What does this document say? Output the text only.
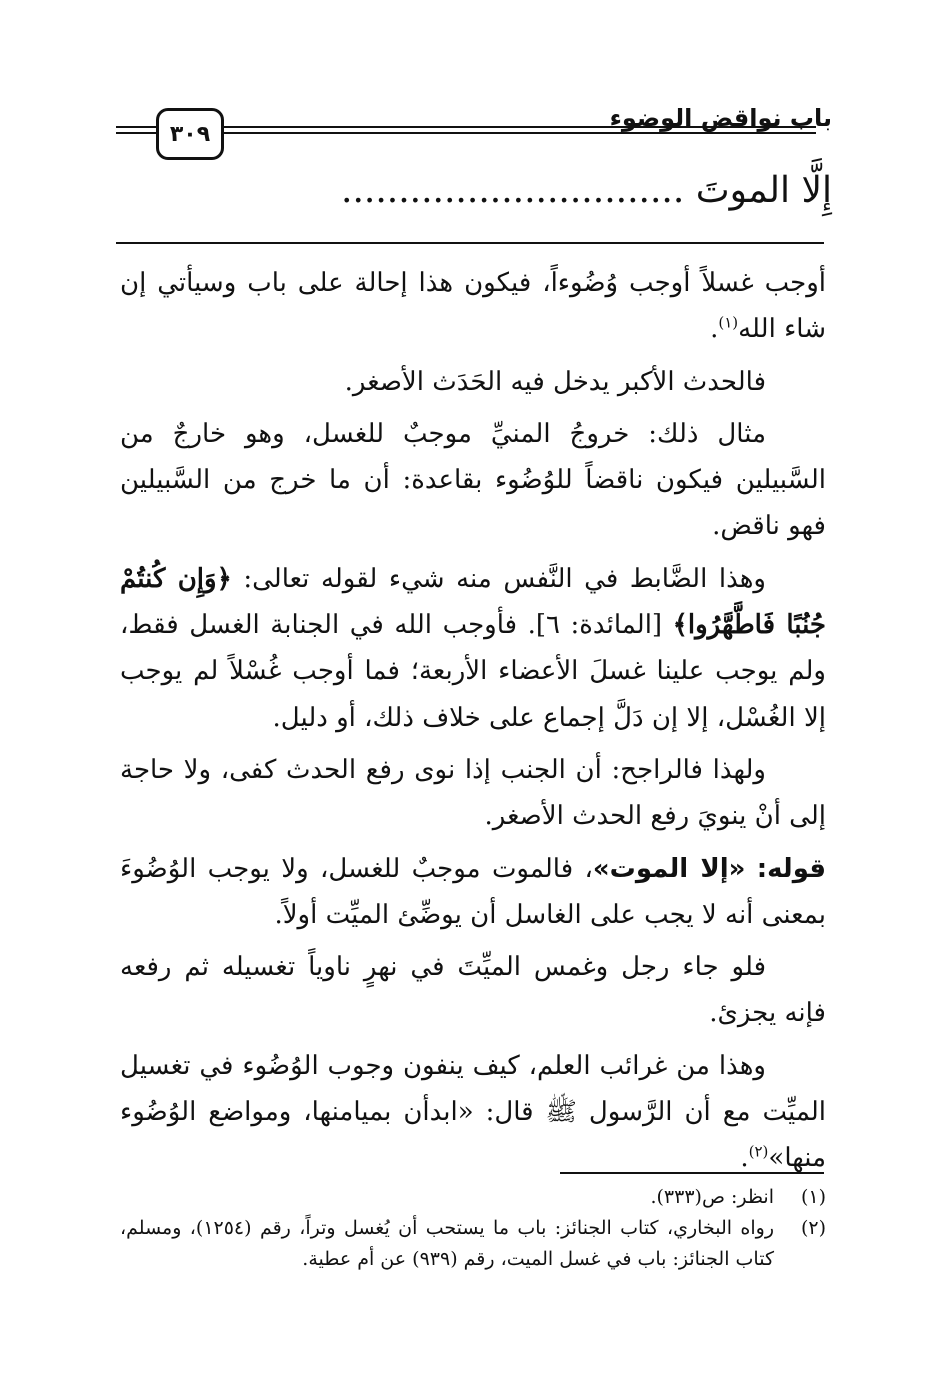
باب نواقض الوضوء
٣٠٩
إِلَّا الموتَ ..............................

أوجب غسلاً أوجب وُضُوءاً، فيكون هذا إحالة على باب وسيأتي إن شاء الله$^{(١)}$.

فالحدث الأكبر يدخل فيه الحَدَث الأصغر.

مثال ذلك: خروجُ المنيِّ موجبٌ للغسل، وهو خارجٌ من السَّبيلين فيكون ناقضاً للوُضُوء بقاعدة: أن ما خرج من السَّبيلين فهو ناقض.

وهذا الضَّابط في النَّفس منه شيء لقوله تعالى: ﴿وَإِن كُنتُمْ جُنُبًا فَاطَّهَّرُوا﴾ [المائدة: ٦]. فأوجب الله في الجنابة الغسل فقط، ولم يوجب علينا غسلَ الأعضاء الأربعة؛ فما أوجب غُسْلاً لم يوجب إلا الغُسْل، إلا إن دَلَّ إجماع على خلاف ذلك، أو دليل.

ولهذا فالراجح: أن الجنب إذا نوى رفع الحدث كفى، ولا حاجة إلى أنْ ينويَ رفع الحدث الأصغر.

قوله: «إلا الموت»، فالموت موجبٌ للغسل، ولا يوجب الوُضُوءَ بمعنى أنه لا يجب على الغاسل أن يوضِّئ الميِّت أولاً.

فلو جاء رجل وغمس الميِّتَ في نهرٍ ناوياً تغسيله ثم رفعه فإنه يجزئ.

وهذا من غرائب العلم، كيف ينفون وجوب الوُضُوء في تغسيل الميِّت مع أن الرَّسول ﷺ قال: «ابدأن بميامنها، ومواضع الوُضُوء منها»$^{(٢)}$.

(١)
انظر: ص(٣٣٣).
(٢)
رواه البخاري، كتاب الجنائز: باب ما يستحب أن يُغسل وتراً، رقم (١٢٥٤)، ومسلم، كتاب الجنائز: باب في غسل الميت، رقم (٩٣٩) عن أم عطية.
